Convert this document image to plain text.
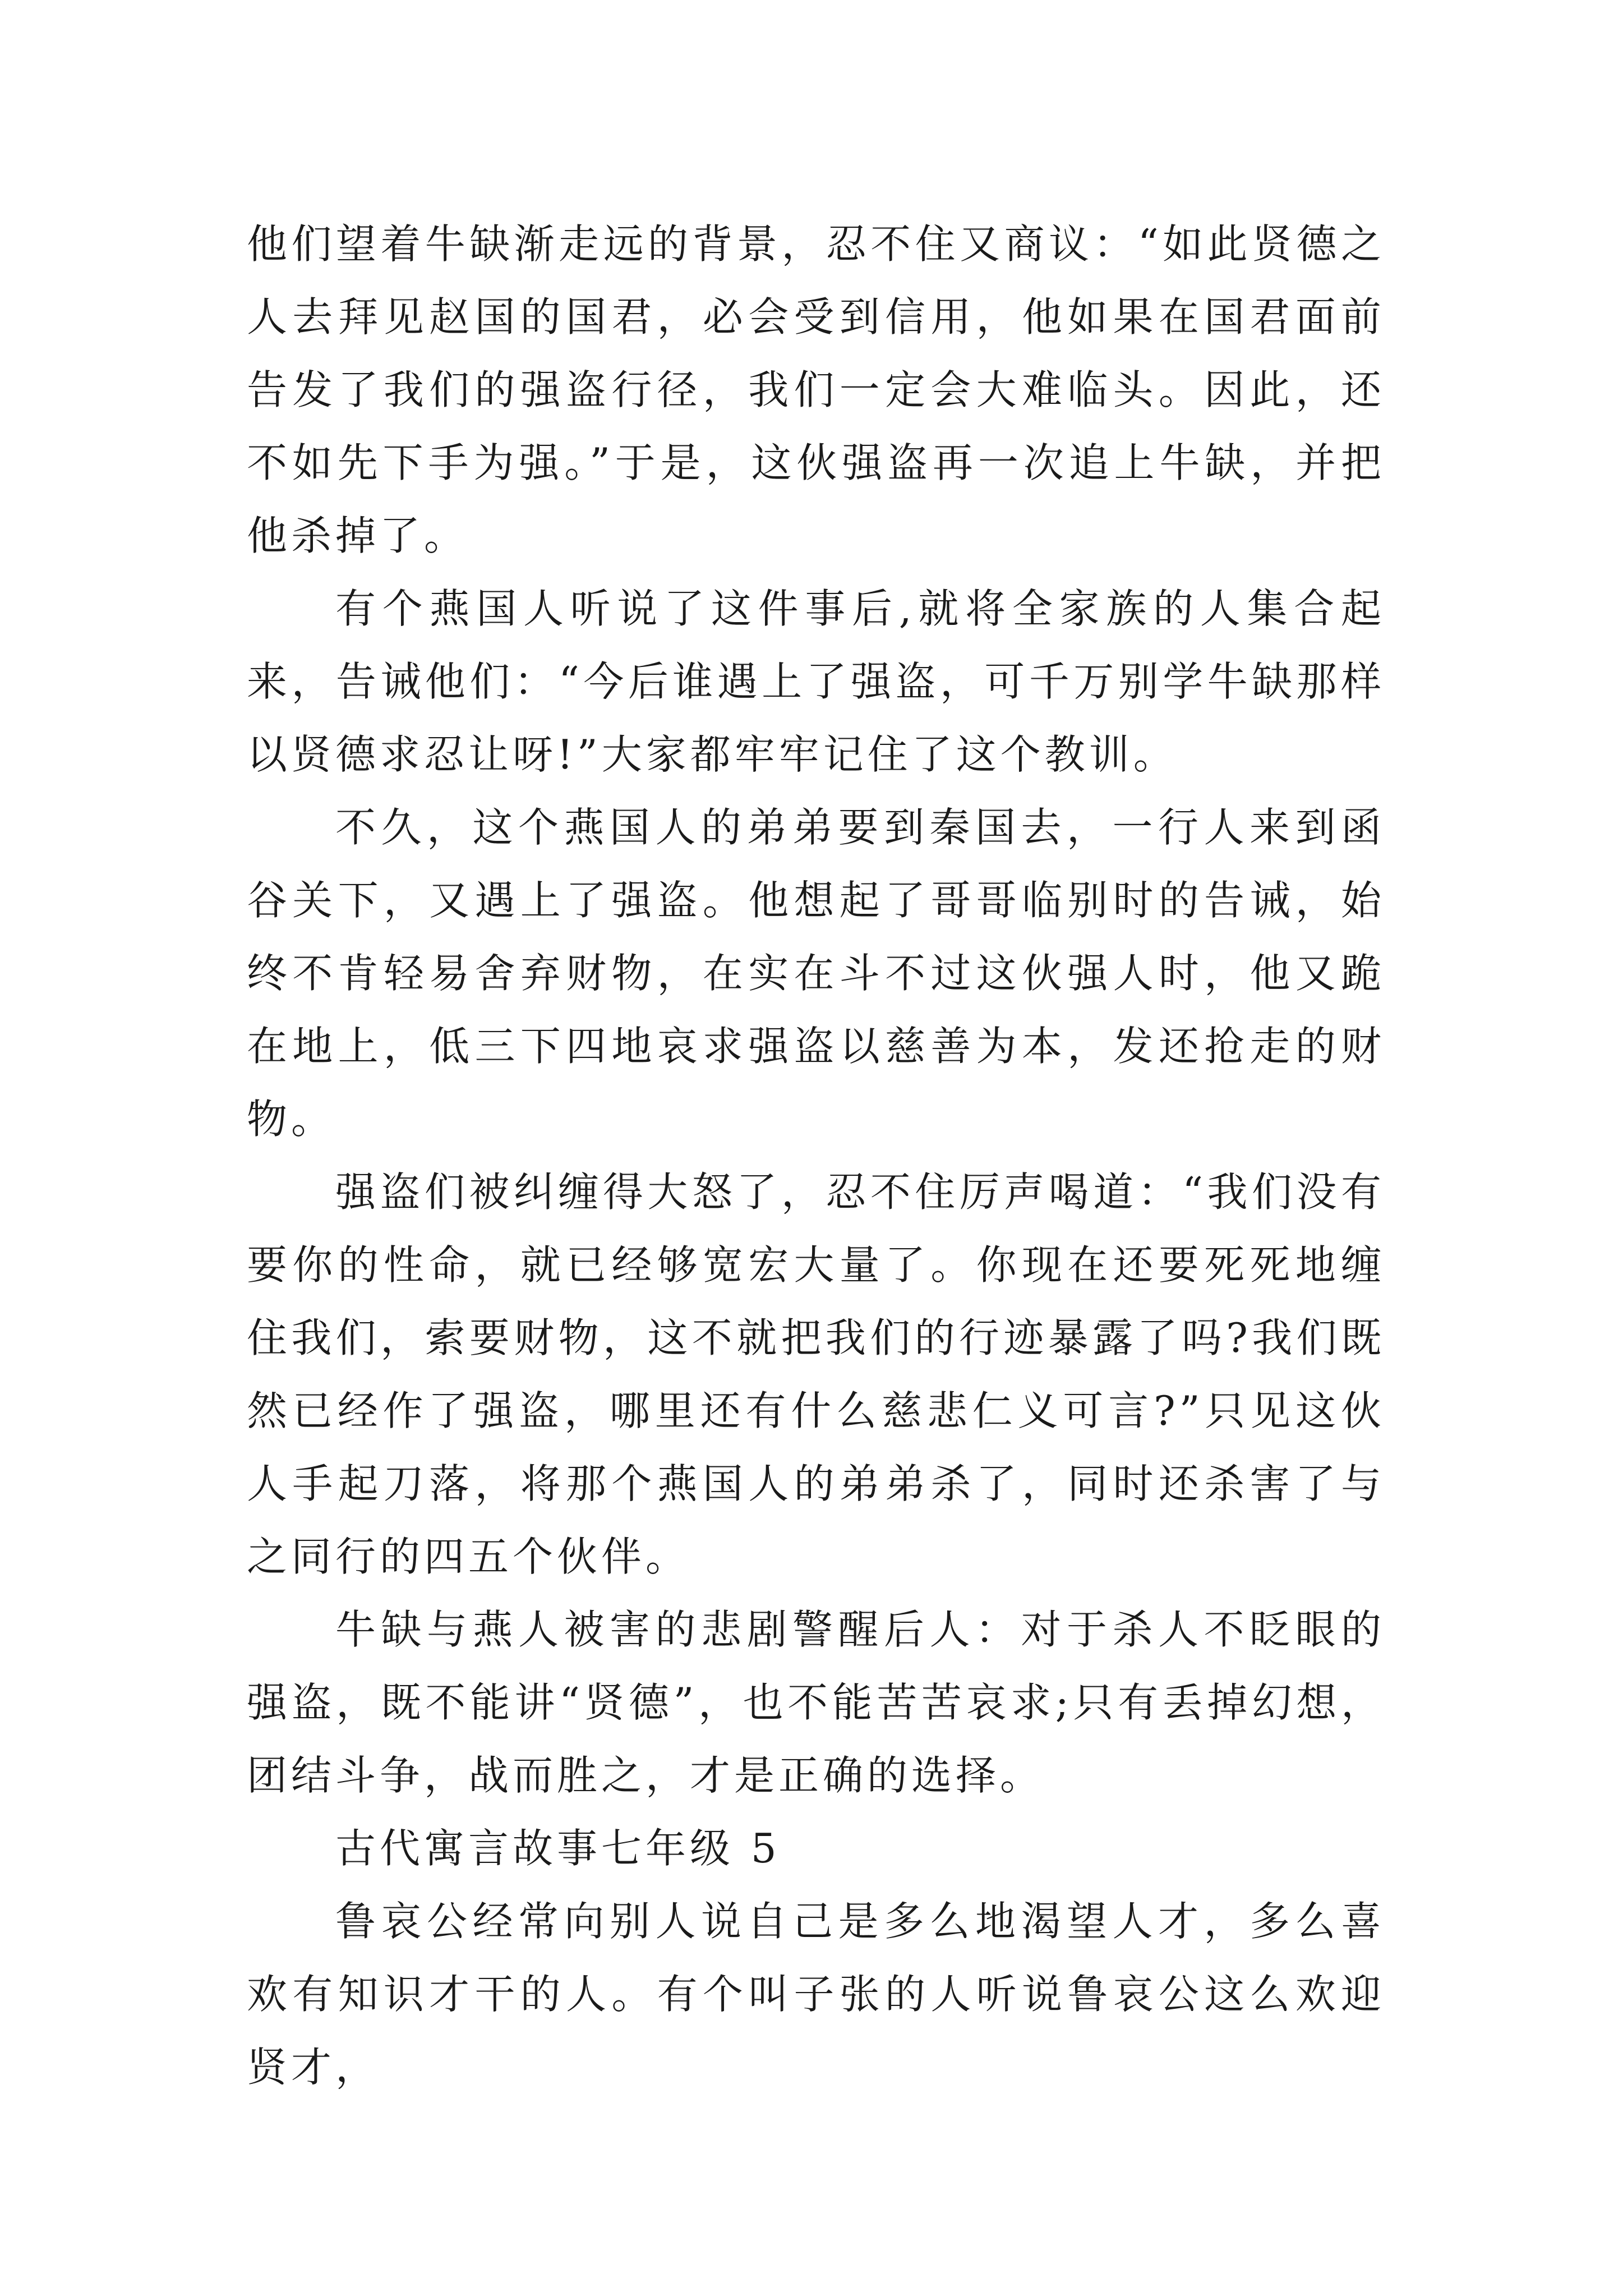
他们望着牛缺渐走远的背景，忍不住又商议：“如此贤德之人去拜见赵国的国君，必会受到信用，他如果在国君面前告发了我们的强盗行径，我们一定会大难临头。因此，还不如先下手为强。”于是，这伙强盗再一次追上牛缺，并把他杀掉了。

有个燕国人听说了这件事后,就将全家族的人集合起来，告诫他们：“今后谁遇上了强盗，可千万别学牛缺那样以贤德求忍让呀!”大家都牢牢记住了这个教训。

不久，这个燕国人的弟弟要到秦国去，一行人来到函谷关下，又遇上了强盗。他想起了哥哥临别时的告诫，始终不肯轻易舍弃财物，在实在斗不过这伙强人时，他又跪在地上，低三下四地哀求强盗以慈善为本，发还抢走的财物。

强盗们被纠缠得大怒了，忍不住厉声喝道：“我们没有要你的性命，就已经够宽宏大量了。你现在还要死死地缠住我们，索要财物，这不就把我们的行迹暴露了吗?我们既然已经作了强盗，哪里还有什么慈悲仁义可言?”只见这伙人手起刀落，将那个燕国人的弟弟杀了，同时还杀害了与之同行的四五个伙伴。

牛缺与燕人被害的悲剧警醒后人：对于杀人不眨眼的强盗，既不能讲“贤德”，也不能苦苦哀求;只有丢掉幻想，团结斗争，战而胜之，才是正确的选择。

古代寓言故事七年级 5

鲁哀公经常向别人说自己是多么地渴望人才，多么喜欢有知识才干的人。有个叫子张的人听说鲁哀公这么欢迎贤才，
